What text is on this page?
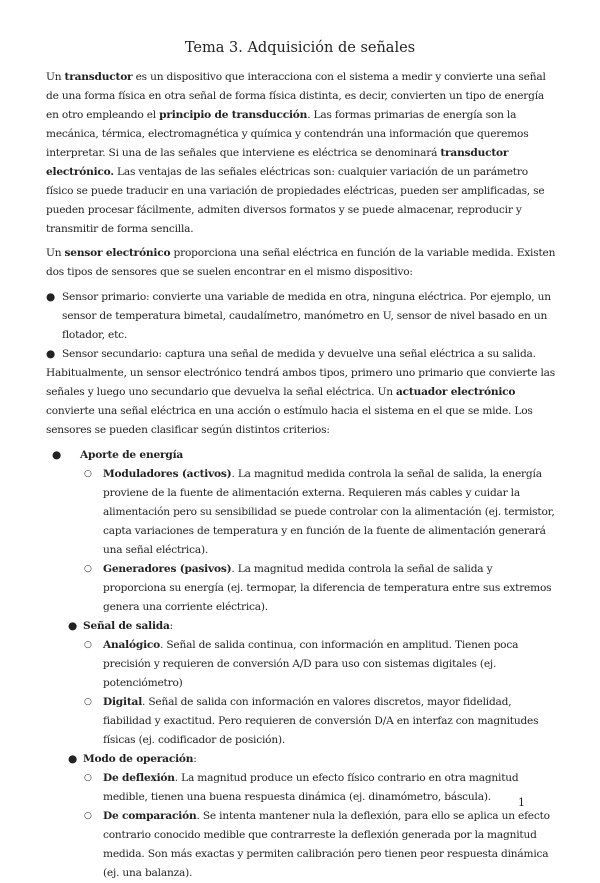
Tema 3. Adquisición de señales

Un transductor es un dispositivo que interacciona con el sistema a medir y convierte una señal de una forma física en otra señal de forma física distinta, es decir, convierten un tipo de energía en otro empleando el principio de transducción. Las formas primarias de energía son la mecánica, térmica, electromagnética y química y contendrán una información que queremos interpretar. Si una de las señales que interviene es eléctrica se denominará transductor electrónico. Las ventajas de las señales eléctricas son: cualquier variación de un parámetro físico se puede traducir en una variación de propiedades eléctricas, pueden ser amplificadas, se pueden procesar fácilmente, admiten diversos formatos y se puede almacenar, reproducir y transmitir de forma sencilla.

Un sensor electrónico proporciona una señal eléctrica en función de la variable medida. Existen dos tipos de sensores que se suelen encontrar en el mismo dispositivo:

● Sensor primario: convierte una variable de medida en otra, ninguna eléctrica. Por ejemplo, un sensor de temperatura bimetal, caudalímetro, manómetro en U, sensor de nivel basado en un flotador, etc.

● Sensor secundario: captura una señal de medida y devuelve una señal eléctrica a su salida. Habitualmente, un sensor electrónico tendrá ambos tipos, primero uno primario que convierte las señales y luego uno secundario que devuelva la señal eléctrica. Un actuador electrónico convierte una señal eléctrica en una acción o estímulo hacia el sistema en el que se mide. Los sensores se pueden clasificar según distintos criterios:

● Aporte de energía
○ Moduladores (activos). La magnitud medida controla la señal de salida, la energía proviene de la fuente de alimentación externa. Requieren más cables y cuidar la alimentación pero su sensibilidad se puede controlar con la alimentación (ej. termistor, capta variaciones de temperatura y en función de la fuente de alimentación generará una señal eléctrica).
○ Generadores (pasivos). La magnitud medida controla la señal de salida y proporciona su energía (ej. termopar, la diferencia de temperatura entre sus extremos genera una corriente eléctrica).
● Señal de salida:
○ Analógico. Señal de salida continua, con información en amplitud. Tienen poca precisión y requieren de conversión A/D para uso con sistemas digitales (ej. potenciómetro)
○ Digital. Señal de salida con información en valores discretos, mayor fidelidad, fiabilidad y exactitud. Pero requieren de conversión D/A en interfaz con magnitudes físicas (ej. codificador de posición).
● Modo de operación:
○ De deflexión. La magnitud produce un efecto físico contrario en otra magnitud medible, tienen una buena respuesta dinámica (ej. dinamómetro, báscula).
○ De comparación. Se intenta mantener nula la deflexión, para ello se aplica un efecto contrario conocido medible que contrarreste la deflexión generada por la magnitud medida. Son más exactas y permiten calibración pero tienen peor respuesta dinámica (ej. una balanza).
1
